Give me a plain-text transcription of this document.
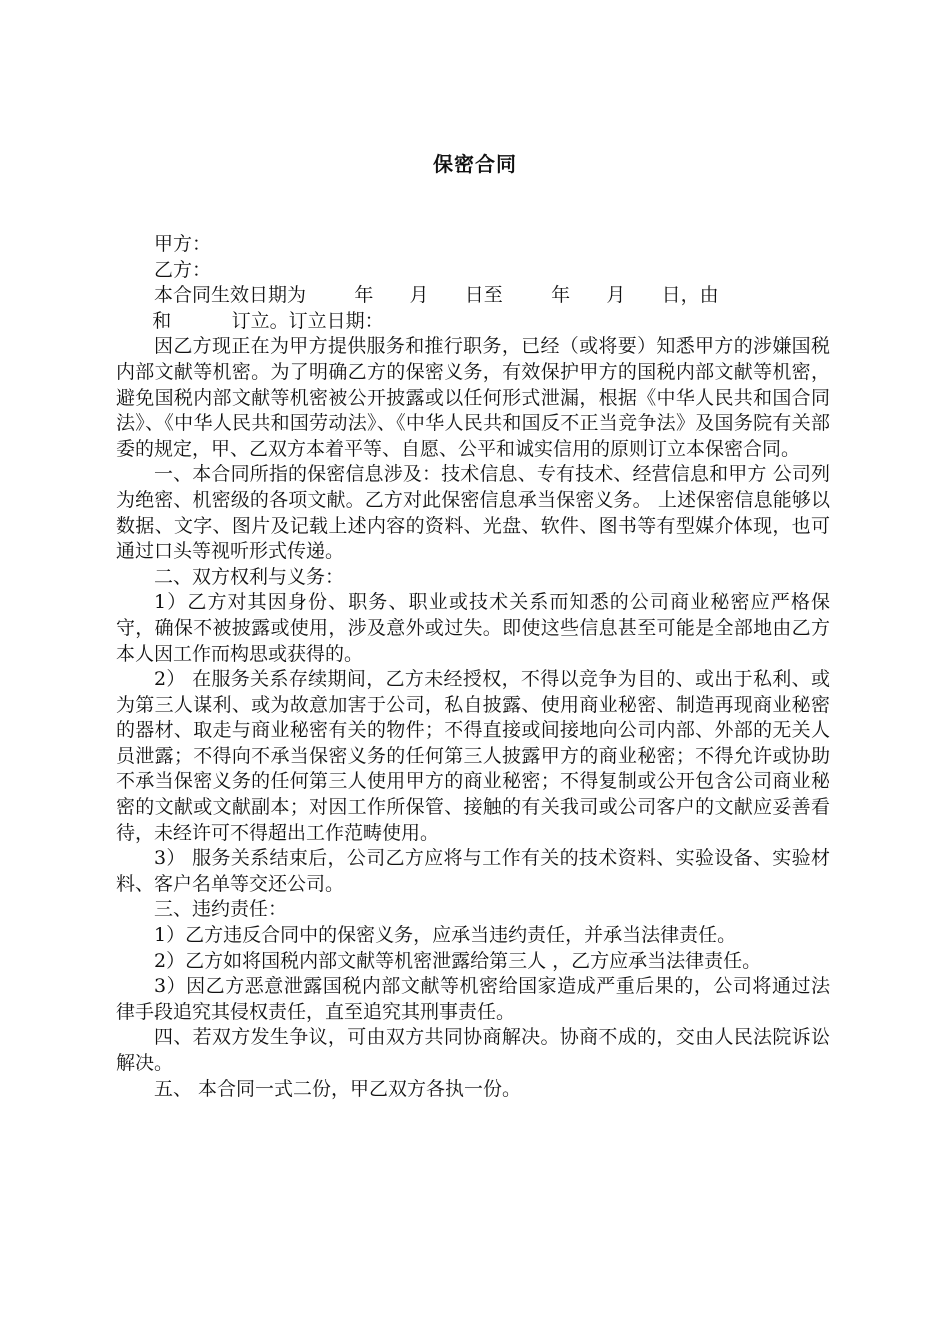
保密合同

甲方：

乙方：

本合同生效日期为        年      月      日至        年      月      日，由
和          订立。订立日期：

因乙方现正在为甲方提供服务和推行职务，已经（或将要）知悉甲方的涉嫌国税内部文献等机密。为了明确乙方的保密义务，有效保护甲方的国税内部文献等机密，避免国税内部文献等机密被公开披露或以任何形式泄漏，根据《中华人民共和国合同法》、《中华人民共和国劳动法》、《中华人民共和国反不正当竞争法》及国务院有关部委的规定，甲、乙双方本着平等、自愿、公平和诚实信用的原则订立本保密合同。

一、本合同所指的保密信息涉及：技术信息、专有技术、经营信息和甲方 公司列为绝密、机密级的各项文献。乙方对此保密信息承当保密义务。 上述保密信息能够以数据、文字、图片及记载上述内容的资料、光盘、软件、图书等有型媒介体现，也可通过口头等视听形式传递。

二、双方权利与义务：

1）乙方对其因身份、职务、职业或技术关系而知悉的公司商业秘密应严格保守，确保不被披露或使用，涉及意外或过失。即使这些信息甚至可能是全部地由乙方本人因工作而构思或获得的。

2） 在服务关系存续期间，乙方未经授权，不得以竞争为目的、或出于私利、或为第三人谋利、或为故意加害于公司，私自披露、使用商业秘密、制造再现商业秘密的器材、取走与商业秘密有关的物件；不得直接或间接地向公司内部、外部的无关人员泄露；不得向不承当保密义务的任何第三人披露甲方的商业秘密；不得允许或协助不承当保密义务的任何第三人使用甲方的商业秘密；不得复制或公开包含公司商业秘密的文献或文献副本；对因工作所保管、接触的有关我司或公司客户的文献应妥善看待，未经许可不得超出工作范畴使用。

3） 服务关系结束后，公司乙方应将与工作有关的技术资料、实验设备、实验材料、客户名单等交还公司。

三、违约责任：

1）乙方违反合同中的保密义务，应承当违约责任，并承当法律责任。

2）乙方如将国税内部文献等机密泄露给第三人 ，乙方应承当法律责任。

3）因乙方恶意泄露国税内部文献等机密给国家造成严重后果的，公司将通过法律手段追究其侵权责任，直至追究其刑事责任。

四、若双方发生争议，可由双方共同协商解决。协商不成的，交由人民法院诉讼解决。

五、 本合同一式二份，甲乙双方各执一份。
